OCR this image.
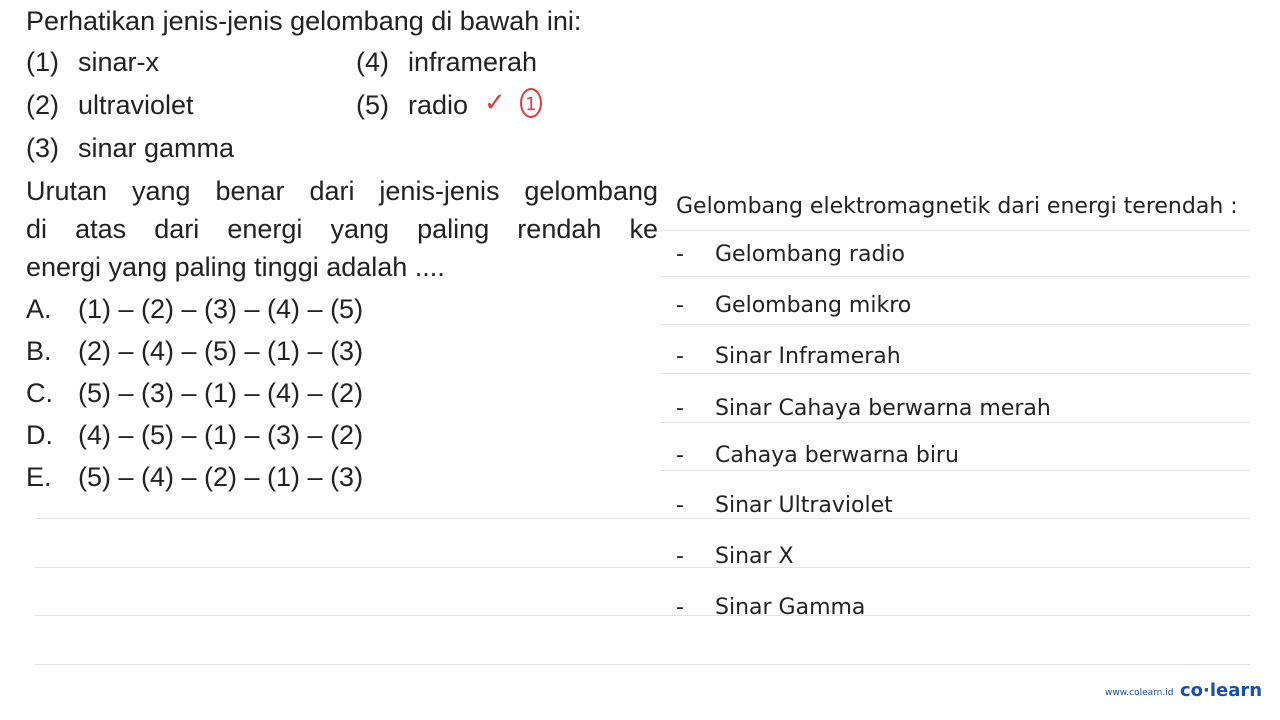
Perhatikan jenis-jenis gelombang di bawah ini:
(1) sinar-x
(2) ultraviolet
(3) sinar gamma
(4) inframerah
(5) radio ✓ 1
Urutan yang benar dari jenis-jenis gelombang
di atas dari energi yang paling rendah ke
energi yang paling tinggi adalah ....
A. (1) – (2) – (3) – (4) – (5)
B. (2) – (4) – (5) – (1) – (3)
C. (5) – (3) – (1) – (4) – (2)
D. (4) – (5) – (1) – (3) – (2)
E. (5) – (4) – (2) – (1) – (3)
Gelombang elektromagnetik dari energi terendah :
- Gelombang radio
- Gelombang mikro
- Sinar Inframerah
- Sinar Cahaya berwarna merah
- Cahaya berwarna biru
- Sinar Ultraviolet
- Sinar X
- Sinar Gamma
www.colearn.id co·learn
